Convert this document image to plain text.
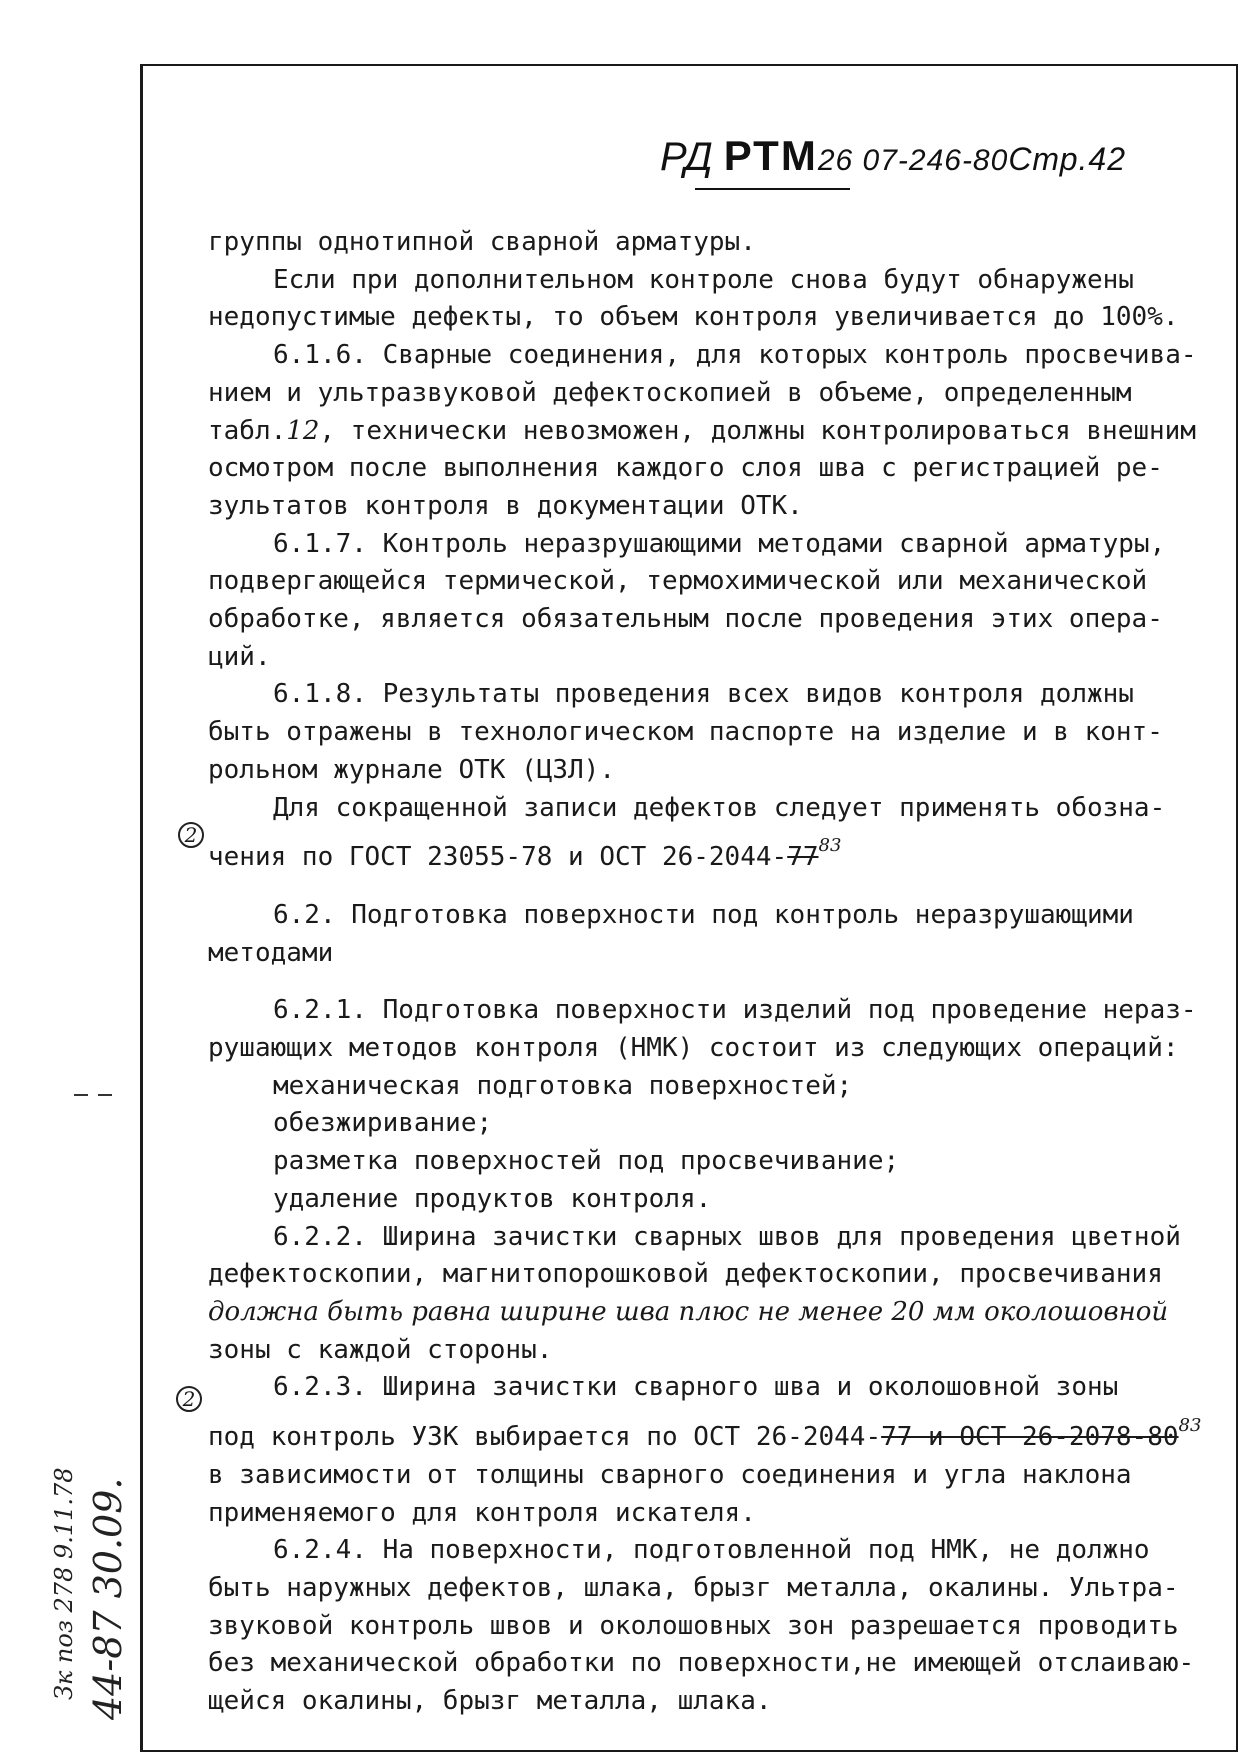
РД РТМ26 07-246-80Стр.42

группы однотипной сварной арматуры.

Если при дополнительном контроле снова будут обнаружены

недопустимые дефекты, то объем контроля увеличивается до 100%.

6.1.6. Сварные соединения, для которых контроль просвечива-

нием и ультразвуковой дефектоскопией в объеме, определенным

табл.12, технически невозможен, должны контролироваться внешним

осмотром после выполнения каждого слоя шва с регистрацией ре-

зультатов контроля в документации ОТК.

6.1.7. Контроль неразрушающими методами сварной арматуры,

подвергающейся термической, термохимической или механической

обработке, является обязательным после проведения этих опера-

ций.

6.1.8. Результаты проведения всех видов контроля должны

быть отражены в технологическом паспорте на изделие и в конт-

рольном журнале ОТК (ЦЗЛ).

Для сокращенной записи дефектов следует применять обозна-

чения по ГОСТ 23055-78 и ОСТ $26-2044-77^{83}$

6.2. Подготовка поверхности под контроль неразрушающими

методами

6.2.1. Подготовка поверхности изделий под проведение нераз-

рушающих методов контроля (НМК) состоит из следующих операций:

механическая подготовка поверхностей;

обезжиривание;

разметка поверхностей под просвечивание;

удаление продуктов контроля.

6.2.2. Ширина зачистки сварных швов для проведения цветной

дефектоскопии, магнитопорошковой дефектоскопии, просвечивания

должна быть равна ширине шва плюс не менее 20 мм околошовной

зоны с каждой стороны.

6.2.3. Ширина зачистки сварного шва и околошовной зоны

под контроль УЗК выбирается по ОСТ 26-2044-77 и ОСТ $26-2078-80^{83}$

в зависимости от толщины сварного соединения и угла наклона

применяемого для контроля искателя.

6.2.4. На поверхности, подготовленной под НМК, не должно

быть наружных дефектов, шлака, брызг металла, окалины. Ультра-

звуковой контроль швов и околошовных зон разрешается проводить

без механической обработки по поверхности,не имеющей отслаиваю-

щейся окалины, брызг металла, шлака.

2
2
Зк поз 278 9.11.78 44-87 30.09.
